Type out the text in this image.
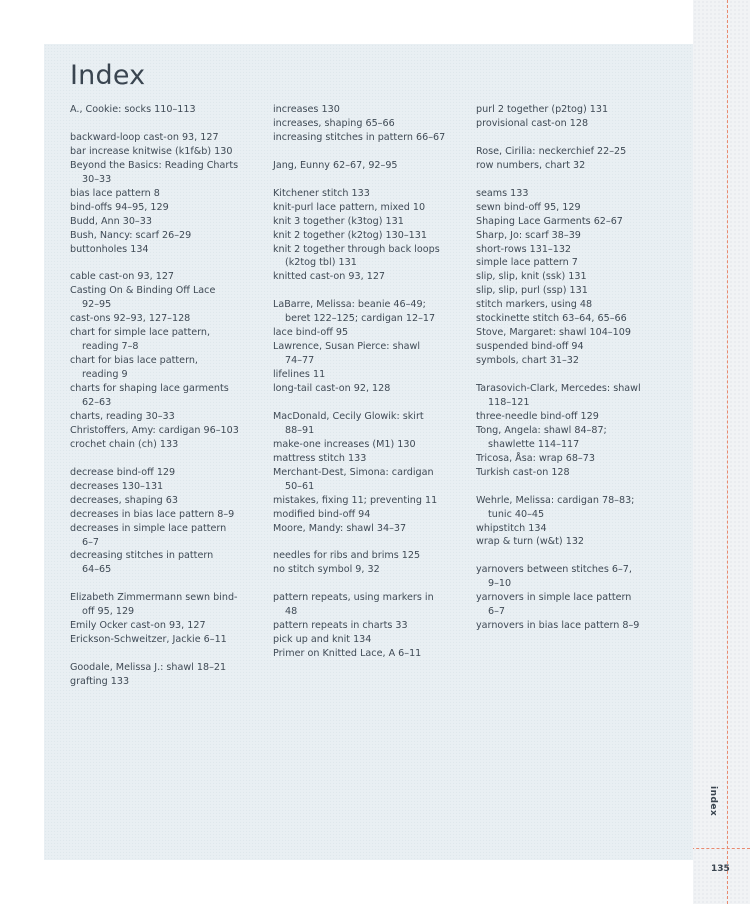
Index
A., Cookie: socks 110–113
backward-loop cast-on 93, 127
bar increase knitwise (k1f&b) 130
Beyond the Basics: Reading Charts
30–33
bias lace pattern 8
bind-offs 94–95, 129
Budd, Ann 30–33
Bush, Nancy: scarf 26–29
buttonholes 134
cable cast-on 93, 127
Casting On & Binding Off Lace
92–95
cast-ons 92–93, 127–128
chart for simple lace pattern,
reading 7–8
chart for bias lace pattern,
reading 9
charts for shaping lace garments
62–63
charts, reading 30–33
Christoffers, Amy: cardigan 96–103
crochet chain (ch) 133
decrease bind-off 129
decreases 130–131
decreases, shaping 63
decreases in bias lace pattern 8–9
decreases in simple lace pattern
6–7
decreasing stitches in pattern
64–65
Elizabeth Zimmermann sewn bind-
off 95, 129
Emily Ocker cast-on 93, 127
Erickson-Schweitzer, Jackie 6–11
Goodale, Melissa J.: shawl 18–21
grafting 133
increases 130
increases, shaping 65–66
increasing stitches in pattern 66–67
Jang, Eunny 62–67, 92–95
Kitchener stitch 133
knit-purl lace pattern, mixed 10
knit 3 together (k3tog) 131
knit 2 together (k2tog) 130–131
knit 2 together through back loops
(k2tog tbl) 131
knitted cast-on 93, 127
LaBarre, Melissa: beanie 46–49;
beret 122–125; cardigan 12–17
lace bind-off 95
Lawrence, Susan Pierce: shawl
74–77
lifelines 11
long-tail cast-on 92, 128
MacDonald, Cecily Glowik: skirt
88–91
make-one increases (M1) 130
mattress stitch 133
Merchant-Dest, Simona: cardigan
50–61
mistakes, fixing 11; preventing 11
modified bind-off 94
Moore, Mandy: shawl 34–37
needles for ribs and brims 125
no stitch symbol 9, 32
pattern repeats, using markers in
48
pattern repeats in charts 33
pick up and knit 134
Primer on Knitted Lace, A 6–11
purl 2 together (p2tog) 131
provisional cast-on 128
Rose, Cirilia: neckerchief 22–25
row numbers, chart 32
seams 133
sewn bind-off 95, 129
Shaping Lace Garments 62–67
Sharp, Jo: scarf 38–39
short-rows 131–132
simple lace pattern 7
slip, slip, knit (ssk) 131
slip, slip, purl (ssp) 131
stitch markers, using 48
stockinette stitch 63–64, 65–66
Stove, Margaret: shawl 104–109
suspended bind-off 94
symbols, chart 31–32
Tarasovich-Clark, Mercedes: shawl
118–121
three-needle bind-off 129
Tong, Angela: shawl 84–87;
shawlette 114–117
Tricosa, Åsa: wrap 68–73
Turkish cast-on 128
Wehrle, Melissa: cardigan 78–83;
tunic 40–45
whipstitch 134
wrap & turn (w&t) 132
yarnovers between stitches 6–7,
9–10
yarnovers in simple lace pattern
6–7
yarnovers in bias lace pattern 8–9
index
135
